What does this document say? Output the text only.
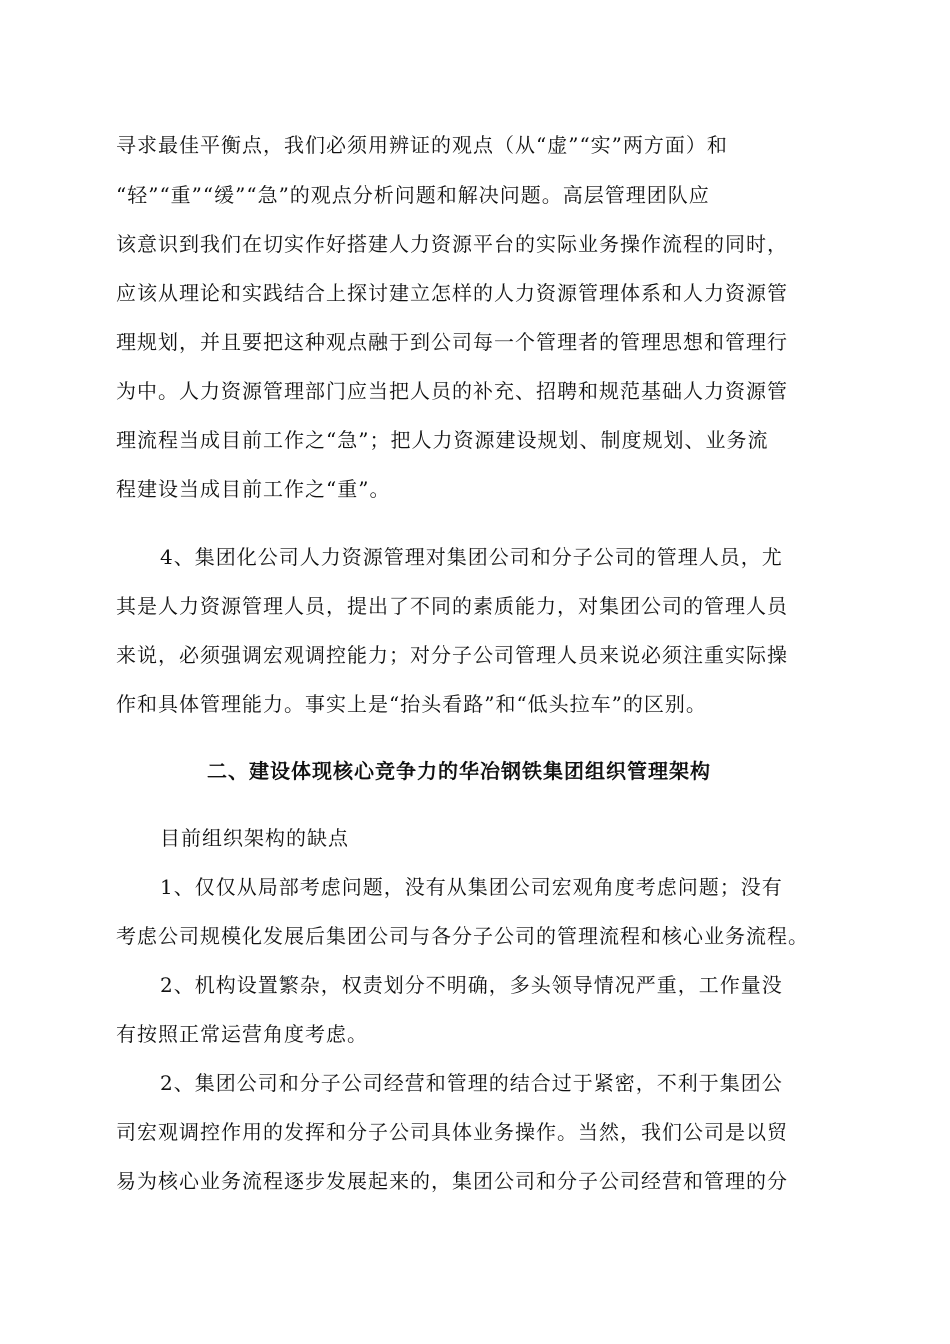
寻求最佳平衡点，我们必须用辨证的观点（从“虚”“实”两方面）和
“轻”“重”“缓”“急”的观点分析问题和解决问题。高层管理团队应
该意识到我们在切实作好搭建人力资源平台的实际业务操作流程的同时，
应该从理论和实践结合上探讨建立怎样的人力资源管理体系和人力资源管
理规划，并且要把这种观点融于到公司每一个管理者的管理思想和管理行
为中。人力资源管理部门应当把人员的补充、招聘和规范基础人力资源管
理流程当成目前工作之“急”；把人力资源建设规划、制度规划、业务流
程建设当成目前工作之“重”。
4、集团化公司人力资源管理对集团公司和分子公司的管理人员，尤
其是人力资源管理人员，提出了不同的素质能力，对集团公司的管理人员
来说，必须强调宏观调控能力；对分子公司管理人员来说必须注重实际操
作和具体管理能力。事实上是“抬头看路”和“低头拉车”的区别。
二、建设体现核心竞争力的华冶钢铁集团组织管理架构
目前组织架构的缺点
1、仅仅从局部考虑问题，没有从集团公司宏观角度考虑问题；没有
考虑公司规模化发展后集团公司与各分子公司的管理流程和核心业务流程。
2、机构设置繁杂，权责划分不明确，多头领导情况严重，工作量没
有按照正常运营角度考虑。
2、集团公司和分子公司经营和管理的结合过于紧密，不利于集团公
司宏观调控作用的发挥和分子公司具体业务操作。当然，我们公司是以贸
易为核心业务流程逐步发展起来的，集团公司和分子公司经营和管理的分
